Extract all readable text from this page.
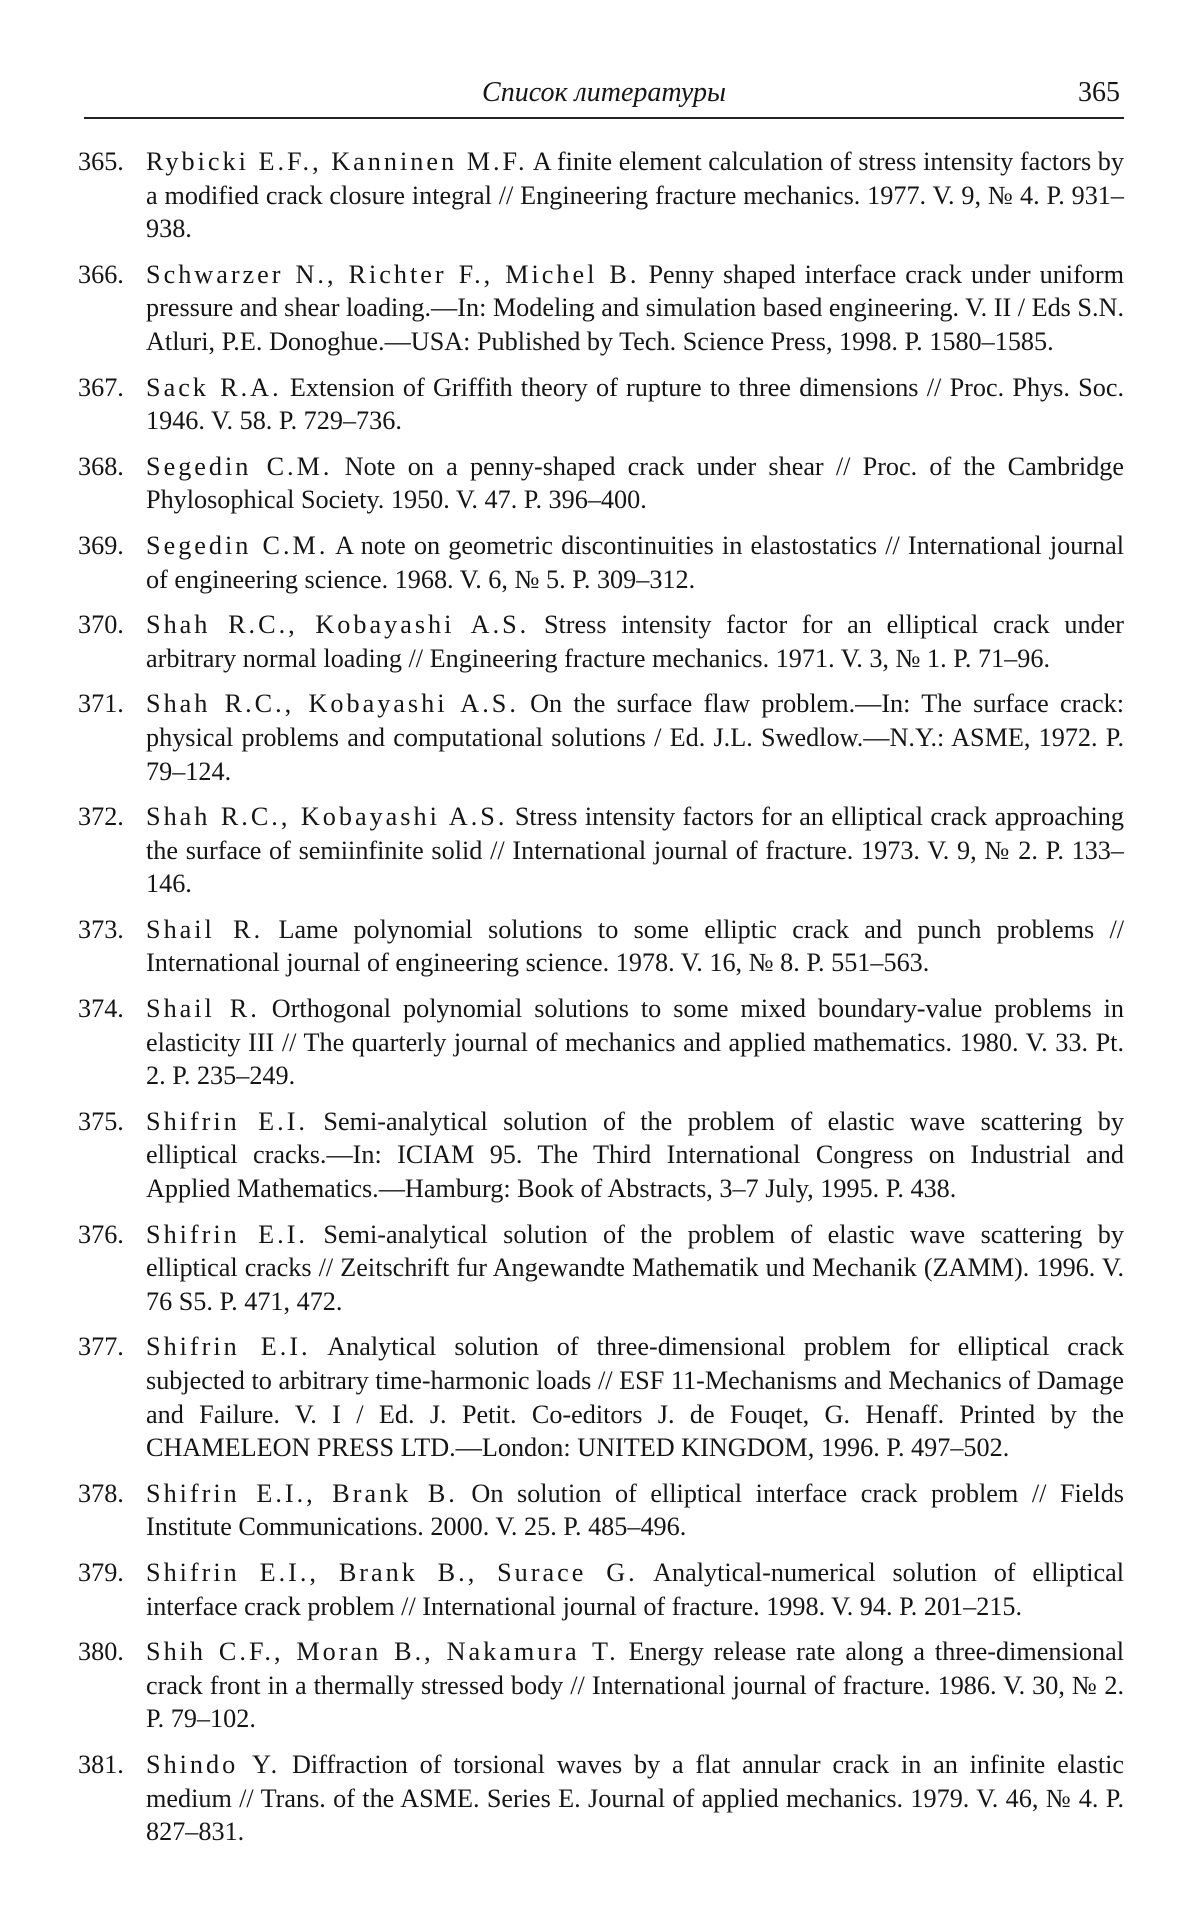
Список литературы	365
365. Rybicki E.F., Kanninen M.F. A finite element calculation of stress intensity factors by a modified crack closure integral // Engineering fracture mechanics. 1977. V. 9, № 4. P. 931–938.
366. Schwarzer N., Richter F., Michel B. Penny shaped interface crack under uniform pressure and shear loading.—In: Modeling and simulation based engineering. V. II / Eds S.N. Atluri, P.E. Donoghue.—USA: Published by Tech. Science Press, 1998. P. 1580–1585.
367. Sack R.A. Extension of Griffith theory of rupture to three dimensions // Proc. Phys. Soc. 1946. V. 58. P. 729–736.
368. Segedin C.M. Note on a penny-shaped crack under shear // Proc. of the Cambridge Phylosophical Society. 1950. V. 47. P. 396–400.
369. Segedin C.M. A note on geometric discontinuities in elastostatics // International journal of engineering science. 1968. V. 6, № 5. P. 309–312.
370. Shah R.C., Kobayashi A.S. Stress intensity factor for an elliptical crack under arbitrary normal loading // Engineering fracture mechanics. 1971. V. 3, № 1. P. 71–96.
371. Shah R.C., Kobayashi A.S. On the surface flaw problem.—In: The surface crack: physical problems and computational solutions / Ed. J.L. Swedlow.—N.Y.: ASME, 1972. P. 79–124.
372. Shah R.C., Kobayashi A.S. Stress intensity factors for an elliptical crack approaching the surface of semiinfinite solid // International journal of fracture. 1973. V. 9, № 2. P. 133–146.
373. Shail R. Lame polynomial solutions to some elliptic crack and punch problems // International journal of engineering science. 1978. V. 16, № 8. P. 551–563.
374. Shail R. Orthogonal polynomial solutions to some mixed boundary-value problems in elasticity III // The quarterly journal of mechanics and applied mathematics. 1980. V. 33. Pt. 2. P. 235–249.
375. Shifrin E.I. Semi-analytical solution of the problem of elastic wave scattering by elliptical cracks.—In: ICIAM 95. The Third International Congress on Industrial and Applied Mathematics.—Hamburg: Book of Abstracts, 3–7 July, 1995. P. 438.
376. Shifrin E.I. Semi-analytical solution of the problem of elastic wave scattering by elliptical cracks // Zeitschrift fur Angewandte Mathematik und Mechanik (ZAMM). 1996. V. 76 S5. P. 471, 472.
377. Shifrin E.I. Analytical solution of three-dimensional problem for elliptical crack subjected to arbitrary time-harmonic loads // ESF 11-Mechanisms and Mechanics of Damage and Failure. V. I / Ed. J. Petit. Co-editors J. de Fouqet, G. Henaff. Printed by the CHAMELEON PRESS LTD.—London: UNITED KINGDOM, 1996. P. 497–502.
378. Shifrin E.I., Brank B. On solution of elliptical interface crack problem // Fields Institute Communications. 2000. V. 25. P. 485–496.
379. Shifrin E.I., Brank B., Surace G. Analytical-numerical solution of elliptical interface crack problem // International journal of fracture. 1998. V. 94. P. 201–215.
380. Shih C.F., Moran B., Nakamura T. Energy release rate along a three-dimensional crack front in a thermally stressed body // International journal of fracture. 1986. V. 30, № 2. P. 79–102.
381. Shindo Y. Diffraction of torsional waves by a flat annular crack in an infinite elastic medium // Trans. of the ASME. Series E. Journal of applied mechanics. 1979. V. 46, № 4. P. 827–831.
